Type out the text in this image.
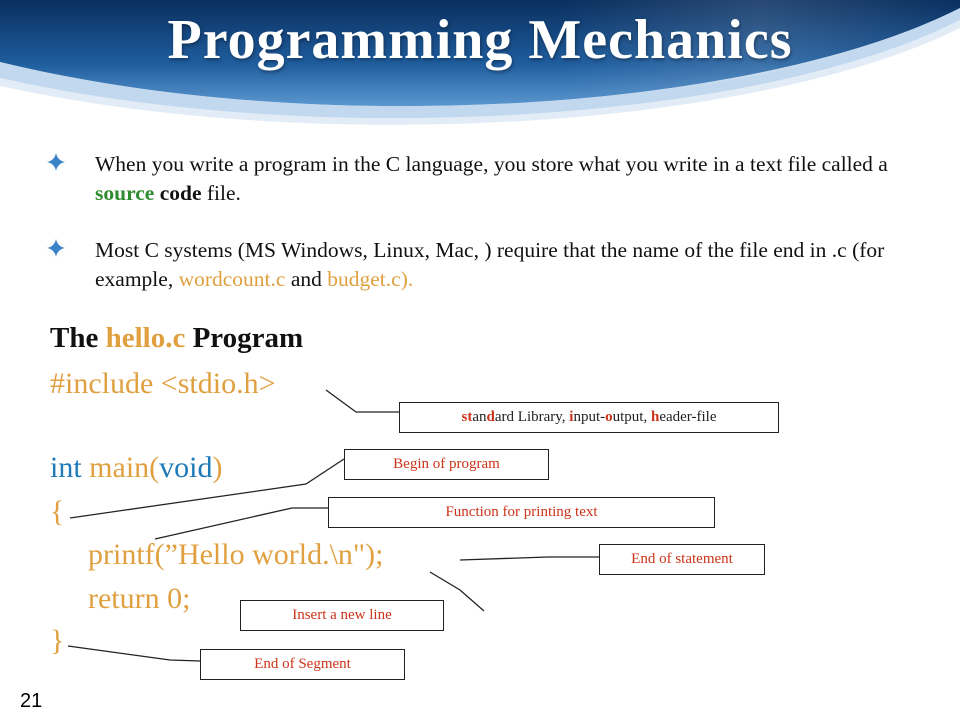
Programming Mechanics
When you write a program in the C language, you store what you write in a text file called a source code file.
Most C systems (MS Windows, Linux, Mac, ) require that the name of the file end in .c (for example, wordcount.c and budget.c).
The hello.c Program
#include <stdio.h>
int main(void)
{
printf(”Hello world.\n");
return 0;
}
standard Library, input-output, header-file
Begin of program
Function for printing text
End of statement
Insert a new line
End of Segment
21
